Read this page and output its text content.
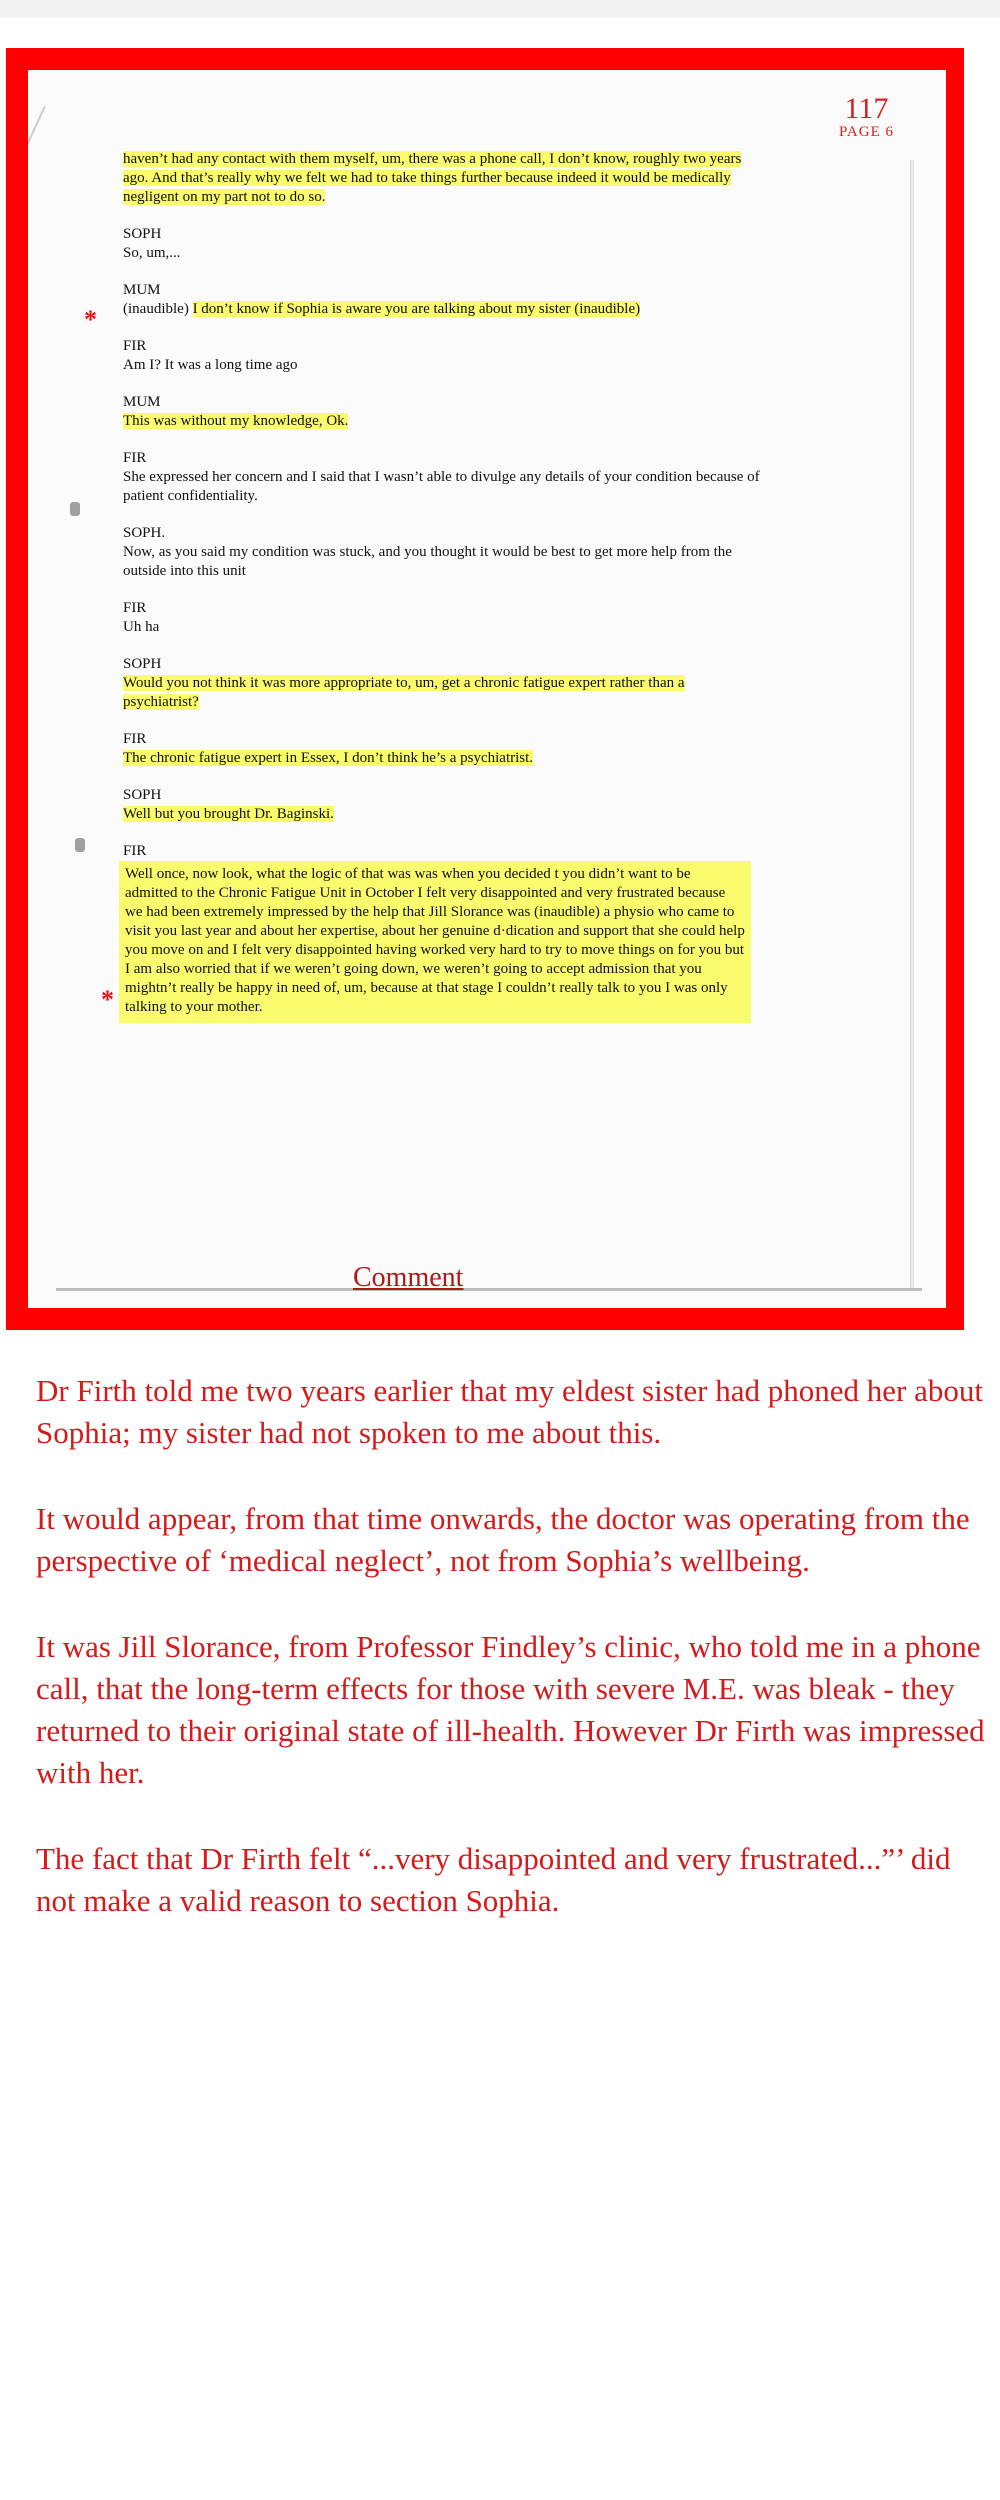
117
PAGE 6
*
*
haven’t had any contact with them myself, um, there was a phone call, I don’t know, roughly two years ago. And that’s really why we felt we had to take things further because indeed it would be medically negligent on my part not to do so.
SOPH
So, um,...
MUM
(inaudible) I don’t know if Sophia is aware you are talking about my sister (inaudible)
FIR
Am I? It was a long time ago
MUM
This was without my knowledge, Ok.
FIR
She expressed her concern and I said that I wasn’t able to divulge any details of your condition because of patient confidentiality.
SOPH.
Now, as you said my condition was stuck, and you thought it would be best to get more help from the outside into this unit
FIR
Uh ha
SOPH
Would you not think it was more appropriate to, um, get a chronic fatigue expert rather than a psychiatrist?
FIR
The chronic fatigue expert in Essex, I don’t think he’s a psychiatrist.
SOPH
Well but you brought Dr. Baginski.
FIR
Well once, now look, what the logic of that was was when you decided t you didn’t want to be admitted to the Chronic Fatigue Unit in October I felt very disappointed and very frustrated because we had been extremely impressed by the help that Jill Slorance was (inaudible) a physio who came to visit you last year and about her expertise, about her genuine d·dication and support that she could help you move on and I felt very disappointed having worked very hard to try to move things on for you but I am also worried that if we weren’t going down, we weren’t going to accept admission that you mightn’t really be happy in need of, um, because at that stage I couldn’t really talk to you I was only talking to your mother.
Comment

Dr Firth told me two years earlier that my eldest sister had phoned her about Sophia; my sister had not spoken to me about this.

It would appear, from that time onwards, the doctor was operating from the perspective of ‘medical neglect’, not from Sophia’s wellbeing.

It was Jill Slorance, from Professor Findley’s clinic, who told me in a phone call, that the long-term effects for those with severe M.E. was bleak - they returned to their original state of ill-health. However Dr Firth was impressed with her.

The fact that Dr Firth felt “...very disappointed and very frustrated...”’ did not make a valid reason to section Sophia.
